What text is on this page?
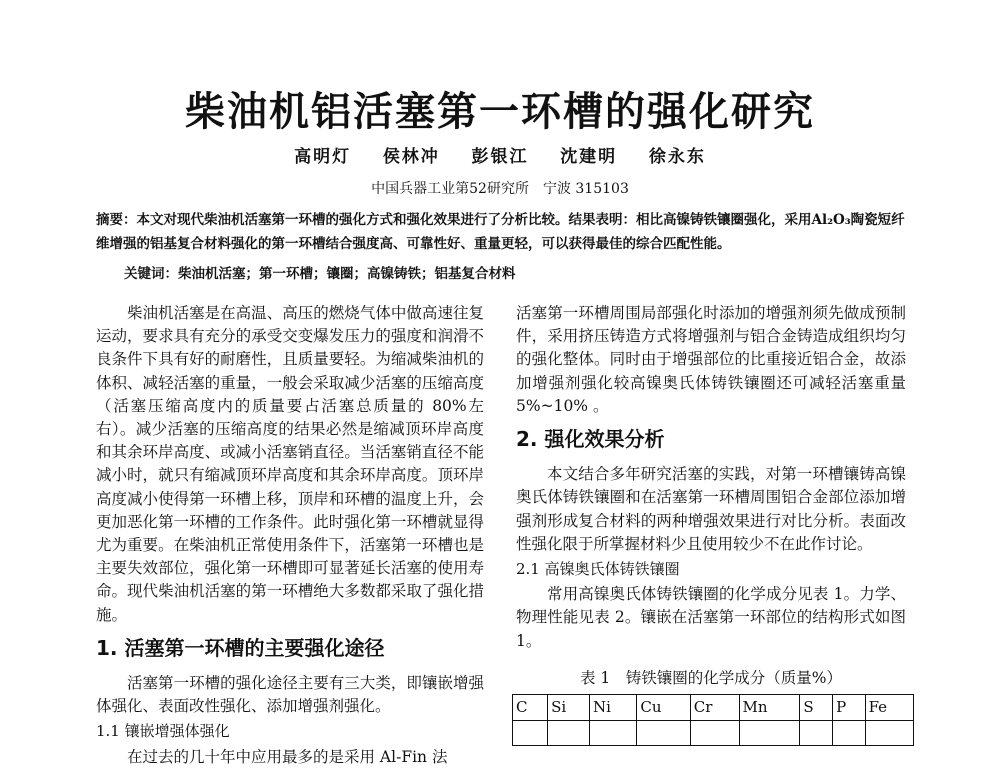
柴油机铝活塞第一环槽的强化研究
高明灯 侯林冲 彭银江 沈建明 徐永东
中国兵器工业第52研究所　宁波 315103
摘要：本文对现代柴油机活塞第一环槽的强化方式和强化效果进行了分析比较。结果表明：相比高镍铸铁镶圈强化，采用Al₂O₃陶瓷短纤维增强的铝基复合材料强化的第一环槽结合强度高、可靠性好、重量更轻，可以获得最佳的综合匹配性能。
关键词：柴油机活塞；第一环槽；镶圈；高镍铸铁；铝基复合材料

柴油机活塞是在高温、高压的燃烧气体中做高速往复运动，要求具有充分的承受交变爆发压力的强度和润滑不良条件下具有好的耐磨性，且质量要轻。为缩减柴油机的体积、减轻活塞的重量，一般会采取减少活塞的压缩高度（活塞压缩高度内的质量要占活塞总质量的 80%左右）。减少活塞的压缩高度的结果必然是缩减顶环岸高度和其余环岸高度、或减小活塞销直径。当活塞销直径不能减小时，就只有缩减顶环岸高度和其余环岸高度。顶环岸高度减小使得第一环槽上移，顶岸和环槽的温度上升，会更加恶化第一环槽的工作条件。此时强化第一环槽就显得尤为重要。在柴油机正常使用条件下，活塞第一环槽也是主要失效部位，强化第一环槽即可显著延长活塞的使用寿命。现代柴油机活塞的第一环槽绝大多数都采取了强化措施。

1. 活塞第一环槽的主要强化途径

活塞第一环槽的强化途径主要有三大类，即镶嵌增强体强化、表面改性强化、添加增强剂强化。

1.1 镶嵌增强体强化

在过去的几十年中应用最多的是采用 Al-Fin 法

活塞第一环槽周围局部强化时添加的增强剂须先做成预制件，采用挤压铸造方式将增强剂与铝合金铸造成组织均匀的强化整体。同时由于增强部位的比重接近铝合金，故添加增强剂强化较高镍奥氏体铸铁镶圈还可减轻活塞重量 5%~10% 。

2. 强化效果分析

本文结合多年研究活塞的实践，对第一环槽镶铸高镍奥氏体铸铁镶圈和在活塞第一环槽周围铝合金部位添加增强剂形成复合材料的两种增强效果进行对比分析。表面改性强化限于所掌握材料少且使用较少不在此作讨论。

2.1 高镍奥氏体铸铁镶圈

常用高镍奥氏体铸铁镶圈的化学成分见表 1。力学、物理性能见表 2。镶嵌在活塞第一环部位的结构形式如图 1。

表 1　铸铁镶圈的化学成分（质量%）
C	Si	Ni	Cu	Cr	Mn	S	P	Fe
